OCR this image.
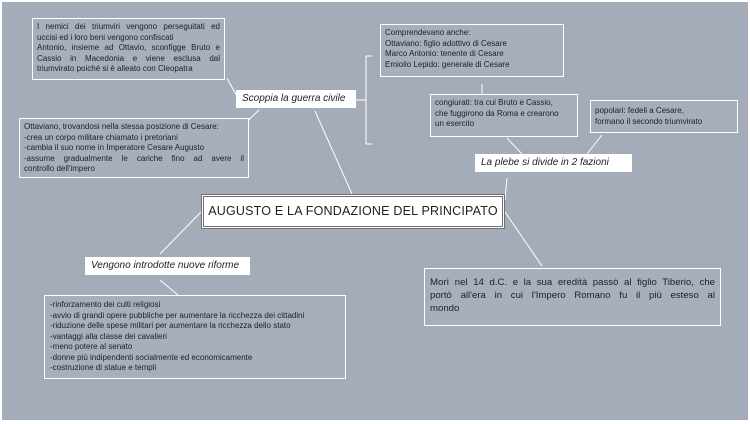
I nemici dei triumviri vengono perseguitati ed
uccisi ed i loro beni vengono confiscati
Antonio, insieme ad Ottavio, sconfigge Bruto e
Cassio in Macedonia e viene esclusa dal
triumvirato poiché si è alleato con Cleopatra
Comprendevano anche:
Ottaviano: figlio adottivo di Cesare
Marco Antonio: tenente di Cesare
Emiolio Lepido: generale di Cesare
Scoppia la guerra civile	congiurati: tra cui Bruto e Cassio,
che fuggirono da Roma e crearono
un esercito
popolari: fedeli a Cesare,
formano il secondo triumvirato
Ottaviano, trovandosi nella stessa posizione di Cesare:
-crea un corpo militare chiamato i pretoriani
-cambia il suo nome in Imperatore Cesare Augusto
-assume gradualmente le cariche fino ad avere il
controllo dell'impero
La plebe si divide in 2 fazioni
AUGUSTO E LA FONDAZIONE DEL PRINCIPATO
Vengono introdotte nuove riforme
Morì nel 14 d.C. e la sua eredità passò al figlio Tiberio, che
portò all'era in cui l'Impero Romano fu il più esteso al
mondo
-rinforzamento dei culti religiosi
-avvio di grandi opere pubbliche per aumentare la ricchezza dei cittadini
-riduzione delle spese militari per aumentare la ricchezza dello stato
-vantaggi alla classe dei cavalieri
-meno potere al senato
-donne più indipendenti socialmente ed economicamente
-costruzione di statue e templi
